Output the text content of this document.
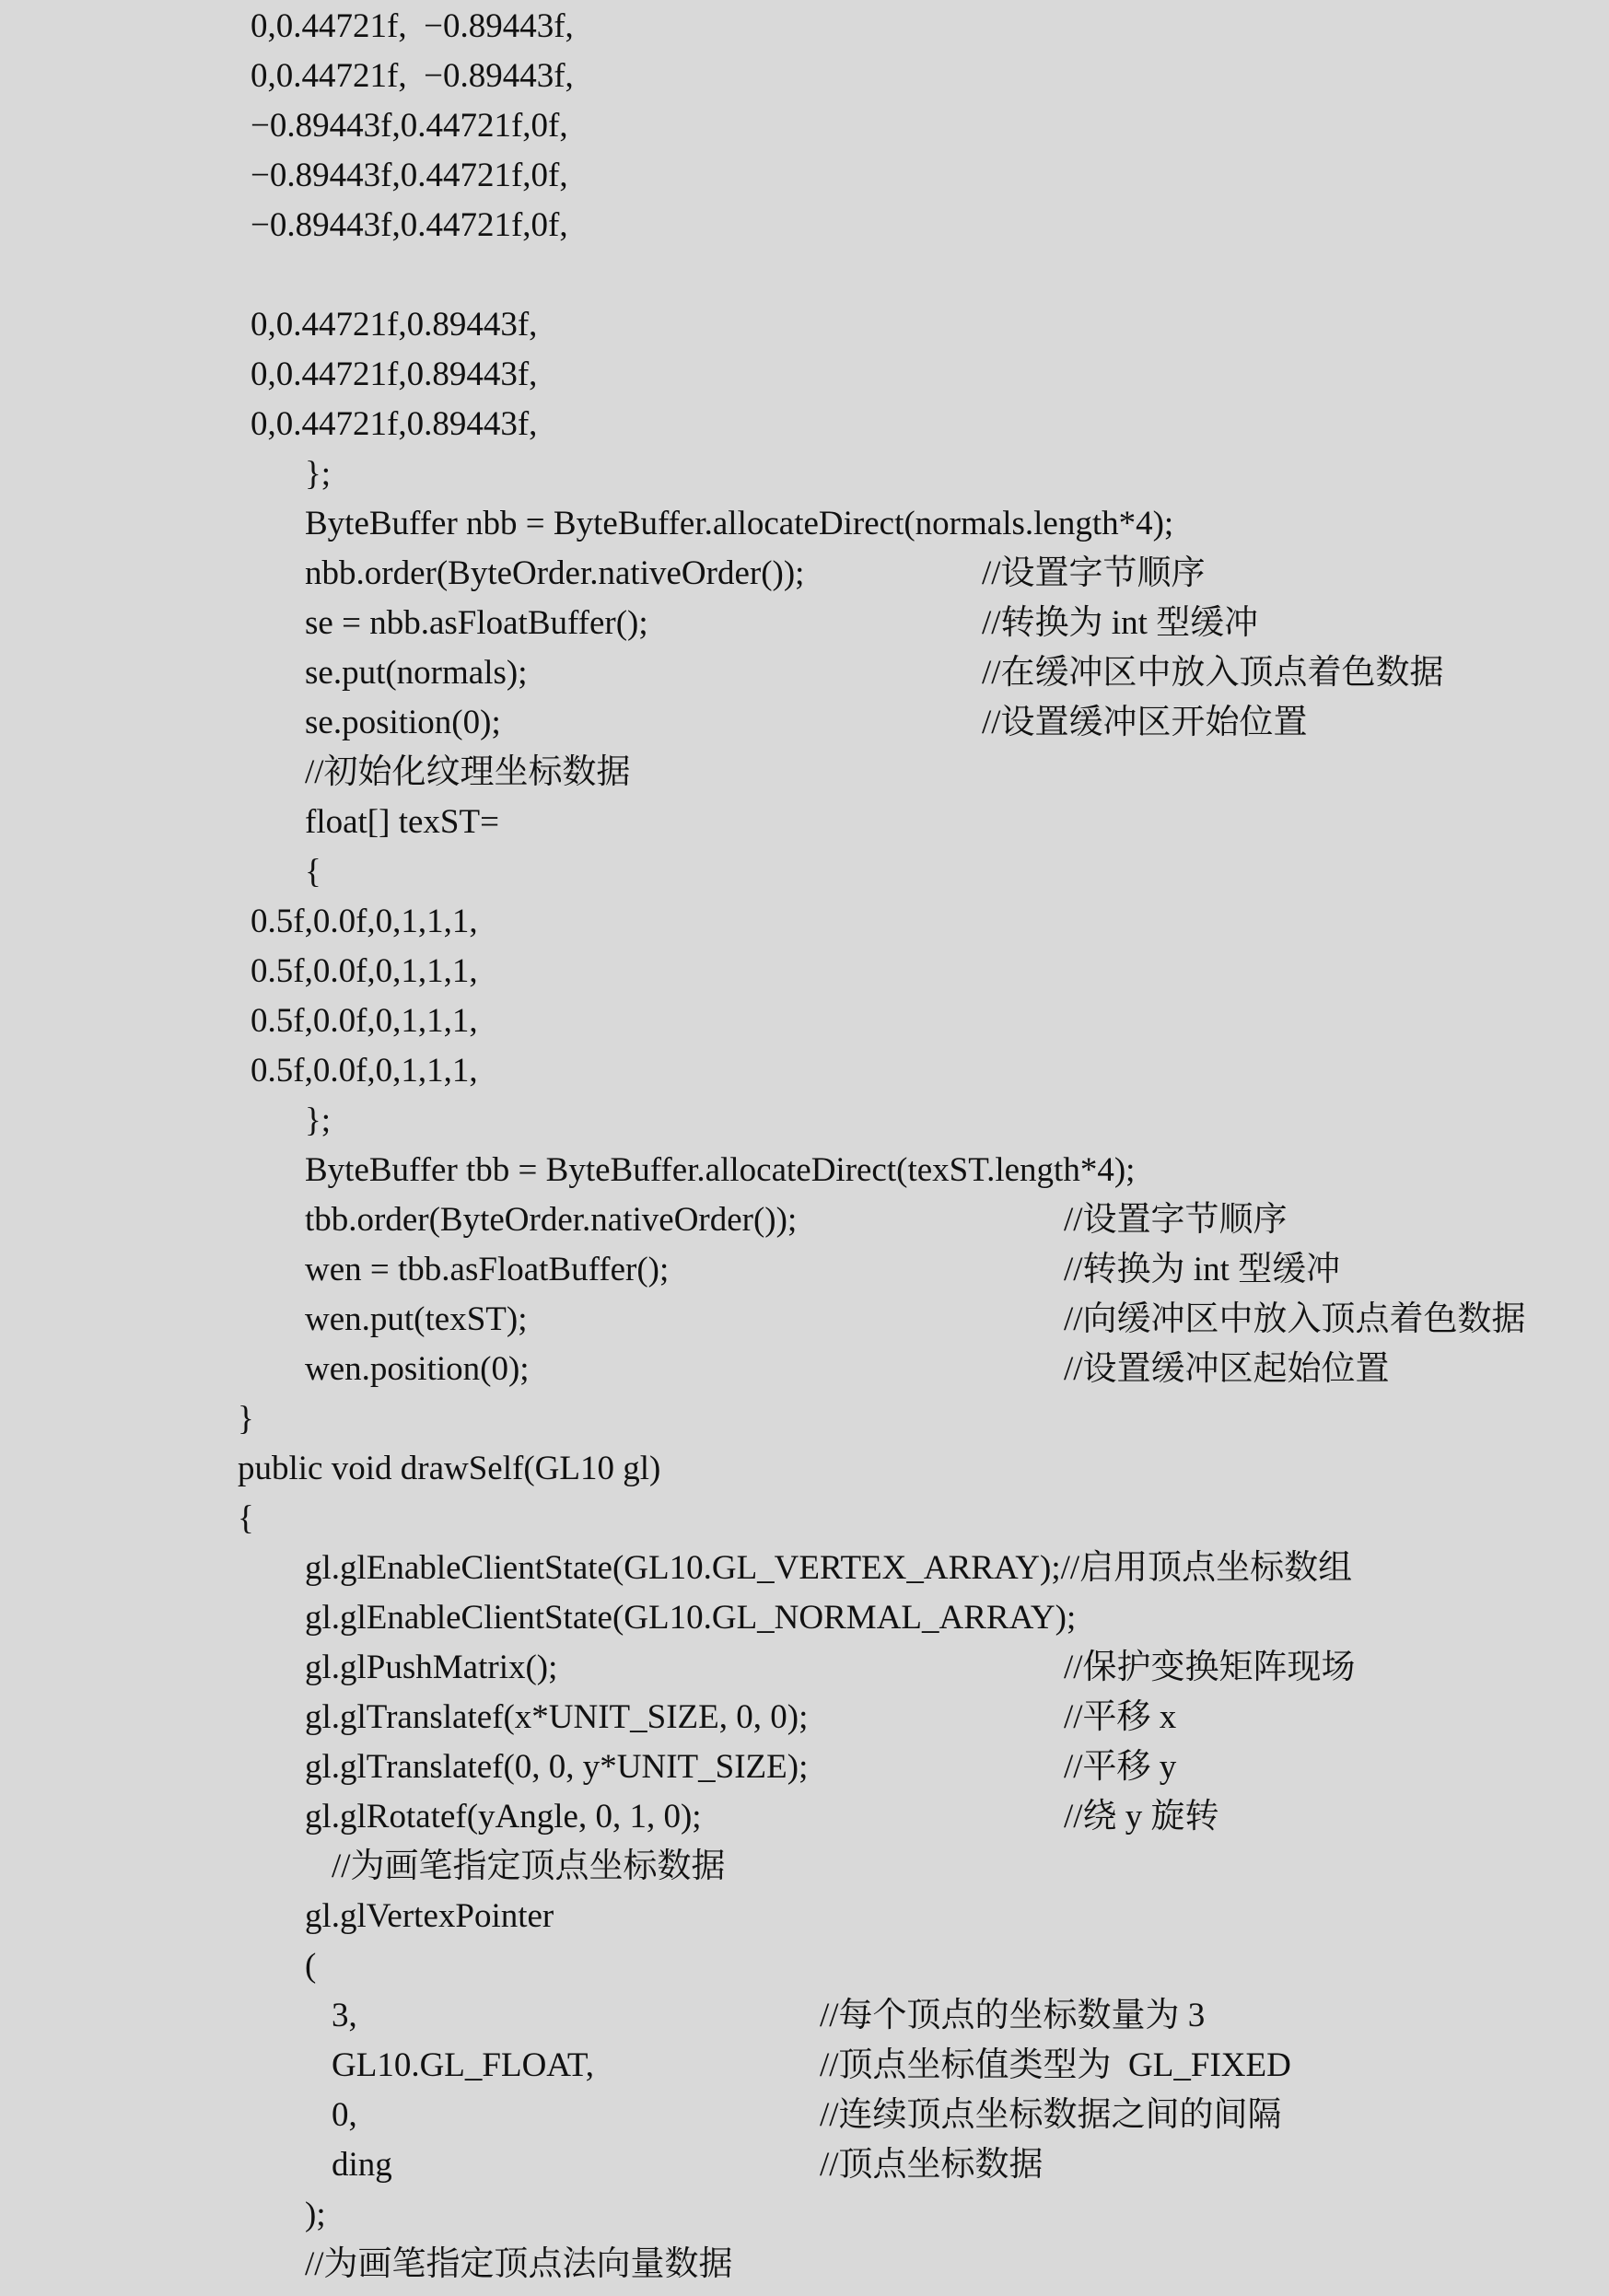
0,0.44721f,  −0.89443f,
0,0.44721f,  −0.89443f,
−0.89443f,0.44721f,0f,
−0.89443f,0.44721f,0f,
−0.89443f,0.44721f,0f,
0,0.44721f,0.89443f,
0,0.44721f,0.89443f,
0,0.44721f,0.89443f,
};
ByteBuffer nbb = ByteBuffer.allocateDirect(normals.length*4);
nbb.order(ByteOrder.nativeOrder());	//设置字节顺序
se = nbb.asFloatBuffer();	//转换为 int 型缓冲
se.put(normals);	//在缓冲区中放入顶点着色数据
se.position(0);	//设置缓冲区开始位置
//初始化纹理坐标数据
float[] texST=
{
0.5f,0.0f,0,1,1,1,
0.5f,0.0f,0,1,1,1,
0.5f,0.0f,0,1,1,1,
0.5f,0.0f,0,1,1,1,
};
ByteBuffer tbb = ByteBuffer.allocateDirect(texST.length*4);
tbb.order(ByteOrder.nativeOrder());	//设置字节顺序
wen = tbb.asFloatBuffer();	//转换为 int 型缓冲
wen.put(texST);	//向缓冲区中放入顶点着色数据
wen.position(0);	//设置缓冲区起始位置
}
public void drawSelf(GL10 gl)
{
gl.glEnableClientState(GL10.GL_VERTEX_ARRAY);//启用顶点坐标数组
gl.glEnableClientState(GL10.GL_NORMAL_ARRAY);
gl.glPushMatrix();	//保护变换矩阵现场
gl.glTranslatef(x*UNIT_SIZE, 0, 0);	//平移 x
gl.glTranslatef(0, 0, y*UNIT_SIZE);	//平移 y
gl.glRotatef(yAngle, 0, 1, 0);	//绕 y 旋转
//为画笔指定顶点坐标数据
gl.glVertexPointer
(
3,	//每个顶点的坐标数量为 3
GL10.GL_FLOAT,	//顶点坐标值类型为  GL_FIXED
0,	//连续顶点坐标数据之间的间隔
ding	//顶点坐标数据
);
//为画笔指定顶点法向量数据
